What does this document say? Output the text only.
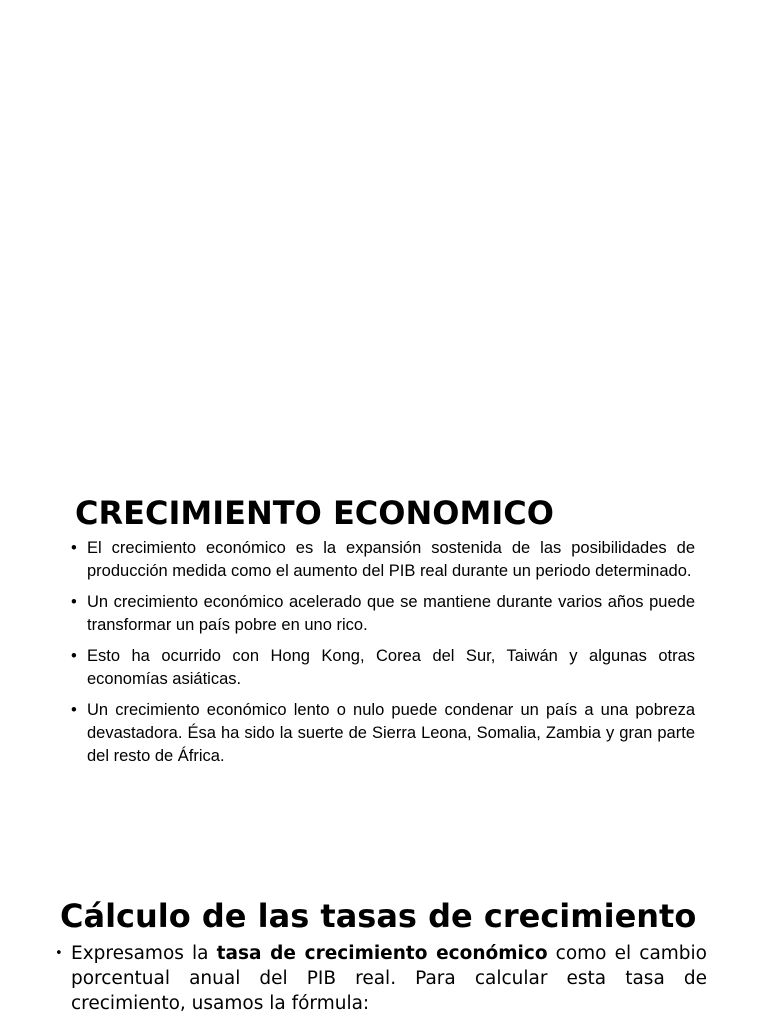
CRECIMIENTO ECONOMICO
• El crecimiento económico es la expansión sostenida de las posibilidades de producción medida como el aumento del PIB real durante un periodo determinado.
• Un crecimiento económico acelerado que se mantiene durante varios años puede transformar un país pobre en uno rico.
• Esto ha ocurrido con Hong Kong, Corea del Sur, Taiwán y algunas otras economías asiáticas.
• Un crecimiento económico lento o nulo puede condenar un país a una pobreza devastadora. Ésa ha sido la suerte de Sierra Leona, Somalia, Zambia y gran parte del resto de África.
Cálculo de las tasas de crecimiento
• Expresamos la tasa de crecimiento económico como el cambio porcentual anual del PIB real. Para calcular esta tasa de crecimiento, usamos la fórmula:
